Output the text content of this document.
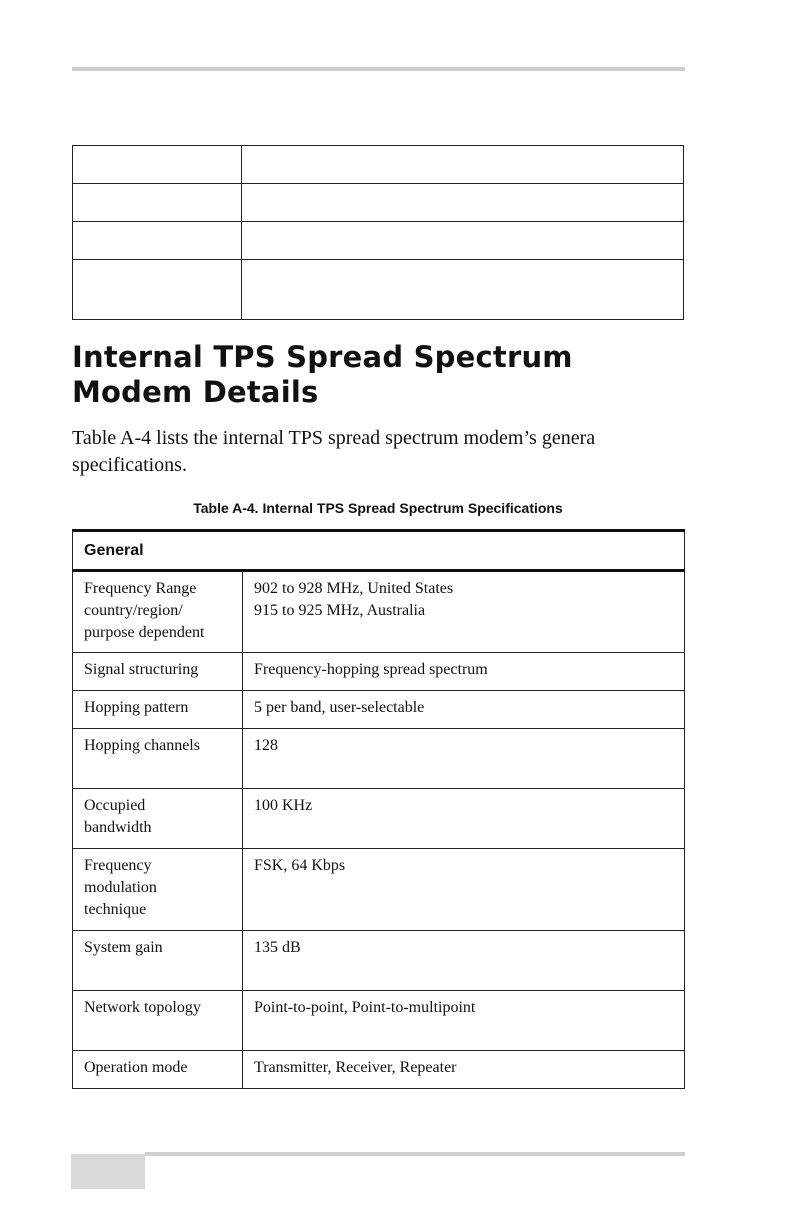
Internal TPS Spread Spectrum
Modem Details

Table A-4 lists the internal TPS spread spectrum modem’s genera
specifications.

Table A-4. Internal TPS Spread Spectrum Specifications
General	
Frequency Range
country/region/
purpose dependent	902 to 928 MHz, United States
915 to 925 MHz, Australia
Signal structuring	Frequency-hopping spread spectrum
Hopping pattern	5 per band, user-selectable
Hopping channels	128
Occupied
bandwidth	100 KHz
Frequency
modulation
technique	FSK, 64 Kbps
System gain	135 dB
Network topology	Point-to-point, Point-to-multipoint
Operation mode	Transmitter, Receiver, Repeater
